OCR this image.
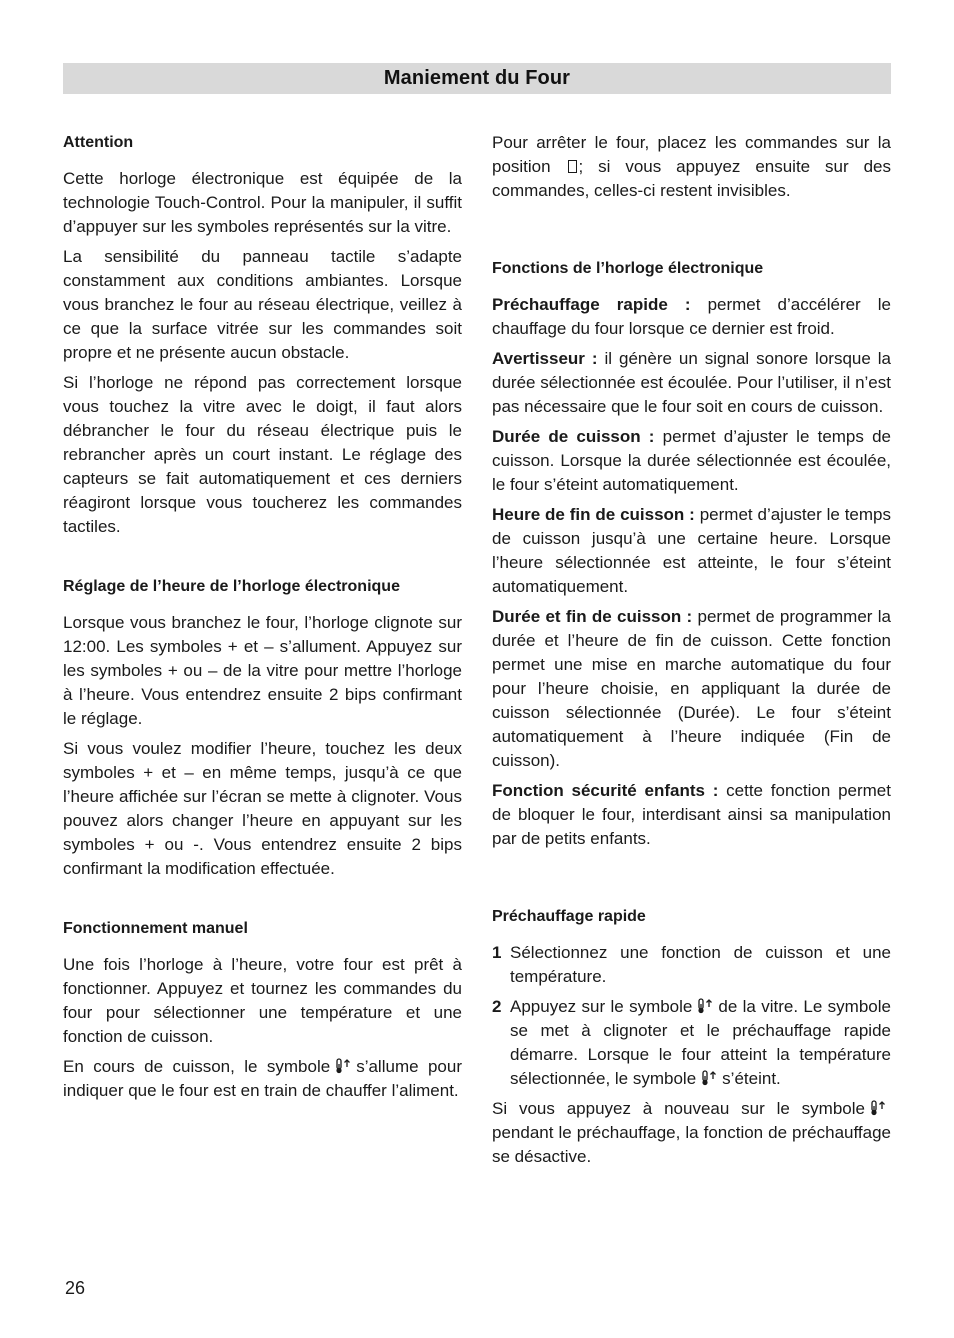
Maniement du Four
Attention

Cette horloge électronique est équipée de la technologie Touch-Control. Pour la manipuler, il suffit d’appuyer sur les symboles représentés sur la vitre.

La sensibilité du panneau tactile s’adapte constamment aux conditions ambiantes. Lorsque vous branchez le four au réseau électrique, veillez à ce que la surface vitrée sur les commandes soit propre et ne présente aucun obstacle.

Si l’horloge ne répond pas correctement lorsque vous touchez la vitre avec le doigt, il faut alors débrancher le four du réseau électrique puis le rebrancher après un court instant. Le réglage des capteurs se fait automatiquement et ces derniers réagiront lorsque vous toucherez les commandes tactiles.

Réglage de l’heure de l’horloge électronique

Lorsque vous branchez le four, l’horloge clignote sur 12:00. Les symboles + et – s’allument. Appuyez sur les symboles + ou – de la vitre pour mettre l’horloge à l’heure. Vous entendrez ensuite 2 bips confirmant le réglage.

Si vous voulez modifier l’heure, touchez les deux symboles + et – en même temps, jusqu’à ce que l’heure affichée sur l’écran se mette à clignoter. Vous pouvez alors changer l’heure en appuyant sur les symboles + ou -. Vous entendrez ensuite 2 bips confirmant la modification effectuée.

Fonctionnement manuel

Une fois l’horloge à l’heure, votre four est prêt à fonctionner. Appuyez et tournez les commandes du four pour sélectionner une température et une fonction de cuisson.

En cours de cuisson, le symbole s’allume pour indiquer que le four est en train de chauffer l’aliment.

Pour arrêter le four, placez les commandes sur la position ; si vous appuyez ensuite sur des commandes, celles-ci restent invisibles.

Fonctions de l’horloge électronique

Préchauffage rapide : permet d’accélérer le chauffage du four lorsque ce dernier est froid.

Avertisseur : il génère un signal sonore lorsque la durée sélectionnée est écoulée. Pour l’utiliser, il n’est pas nécessaire que le four soit en cours de cuisson.

Durée de cuisson : permet d’ajuster le temps de cuisson. Lorsque la durée sélectionnée est écoulée, le four s’éteint automatiquement.

Heure de fin de cuisson : permet d’ajuster le temps de cuisson jusqu’à une certaine heure. Lorsque l’heure sélectionnée est atteinte, le four s’éteint automatiquement.

Durée et fin de cuisson : permet de programmer la durée et l’heure de fin de cuisson. Cette fonction permet une mise en marche automatique du four pour l’heure choisie, en appliquant la durée de cuisson sélectionnée (Durée). Le four s’éteint automatiquement à l’heure indiquée (Fin de cuisson).

Fonction sécurité enfants : cette fonction permet de bloquer le four, interdisant ainsi sa manipulation par de petits enfants.

Préchauffage rapide
1 Sélectionnez une fonction de cuisson et une température.
2 Appuyez sur le symbole de la vitre. Le symbole se met à clignoter et le préchauffage rapide démarre. Lorsque le four atteint la température sélectionnée, le symbole s’éteint.

Si vous appuyez à nouveau sur le symbolependant le préchauffage, la fonction de préchauffage se désactive.

26
